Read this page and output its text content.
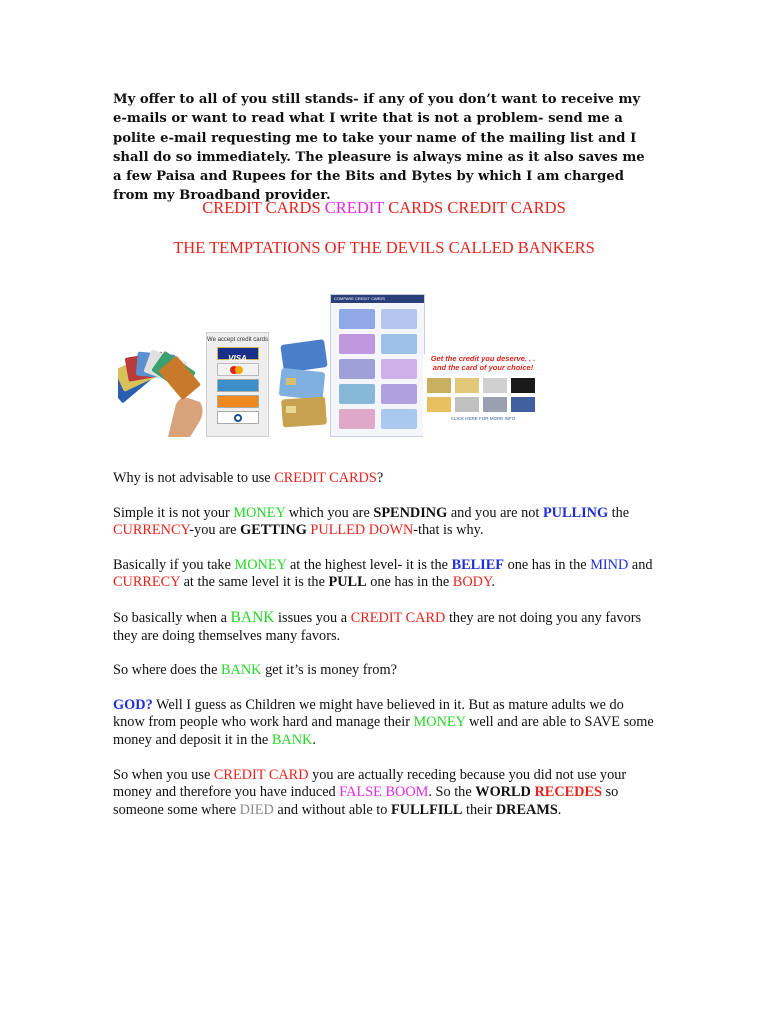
My offer to all of you still stands- if any of you don’t want to receive my e-mails or want to read what I write that is not a problem- send me a polite e-mail requesting me to take your name of the mailing list and I shall do so immediately. The pleasure is always mine as it also saves me a few Paisa and Rupees for the Bits and Bytes by which I am charged from my Broadband provider.
CREDIT CARDS CREDIT CARDS CREDIT CARDS
THE TEMPTATIONS OF THE DEVILS CALLED BANKERS
We accept credit cards
VISA
COMPARE CREDIT CARDS
Get the credit you deserve. . .
and the card of your choice!
CLICK HERE FOR MORE INFO

Why is not advisable to use CREDIT CARDS?

Simple it is not your MONEY which you are SPENDING and you are not PULLING the CURRENCY-you are GETTING PULLED DOWN-that is why.

Basically if you take MONEY at the highest level- it is the BELIEF one has in the MIND and CURRECY at the same level it is the PULL one has in the BODY.

So basically when a BANK issues you a CREDIT CARD they are not doing you any favors they are doing themselves many favors.

So where does the BANK get it’s is money from?

GOD? Well I guess as Children we might have believed in it. But as mature adults we do know from people who work hard and manage their MONEY well and are able to SAVE some money and deposit it in the BANK.

So when you use CREDIT CARD you are actually receding because you did not use your money and therefore you have induced FALSE BOOM. So the WORLD RECEDES so someone some where DIED and without able to FULLFILL their DREAMS.
